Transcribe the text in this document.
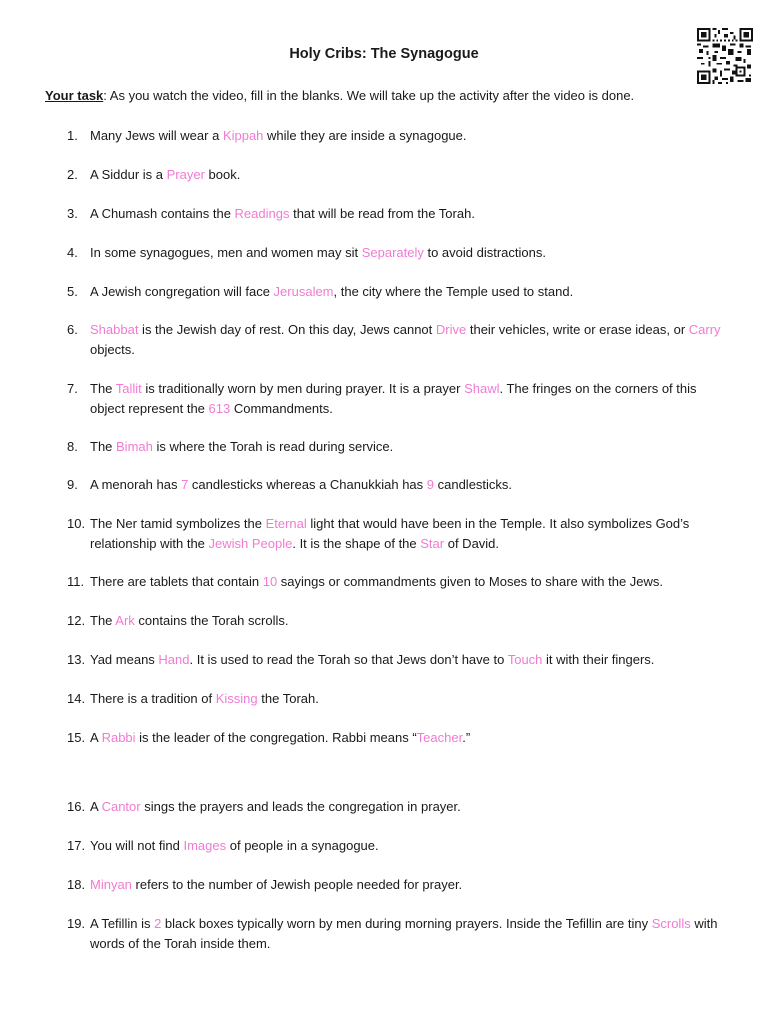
Holy Cribs: The Synagogue
Your task: As you watch the video, fill in the blanks. We will take up the activity after the video is done.
1. Many Jews will wear a Kippah while they are inside a synagogue.
2. A Siddur is a Prayer book.
3. A Chumash contains the Readings that will be read from the Torah.
4. In some synagogues, men and women may sit Separately to avoid distractions.
5. A Jewish congregation will face Jerusalem, the city where the Temple used to stand.
6. Shabbat is the Jewish day of rest. On this day, Jews cannot Drive their vehicles, write or erase ideas, or Carry objects.
7. The Tallit is traditionally worn by men during prayer. It is a prayer Shawl. The fringes on the corners of this object represent the 613 Commandments.
8. The Bimah is where the Torah is read during service.
9. A menorah has 7 candlesticks whereas a Chanukkiah has 9 candlesticks.
10. The Ner tamid symbolizes the Eternal light that would have been in the Temple. It also symbolizes God’s relationship with the Jewish People. It is the shape of the Star of David.
11. There are tablets that contain 10 sayings or commandments given to Moses to share with the Jews.
12. The Ark contains the Torah scrolls.
13. Yad means Hand. It is used to read the Torah so that Jews don’t have to Touch it with their fingers.
14. There is a tradition of Kissing the Torah.
15. A Rabbi is the leader of the congregation. Rabbi means “Teacher.”
16. A Cantor sings the prayers and leads the congregation in prayer.
17. You will not find Images of people in a synagogue.
18. Minyan refers to the number of Jewish people needed for prayer.
19. A Tefillin is 2 black boxes typically worn by men during morning prayers. Inside the Tefillin are tiny Scrolls with words of the Torah inside them.
